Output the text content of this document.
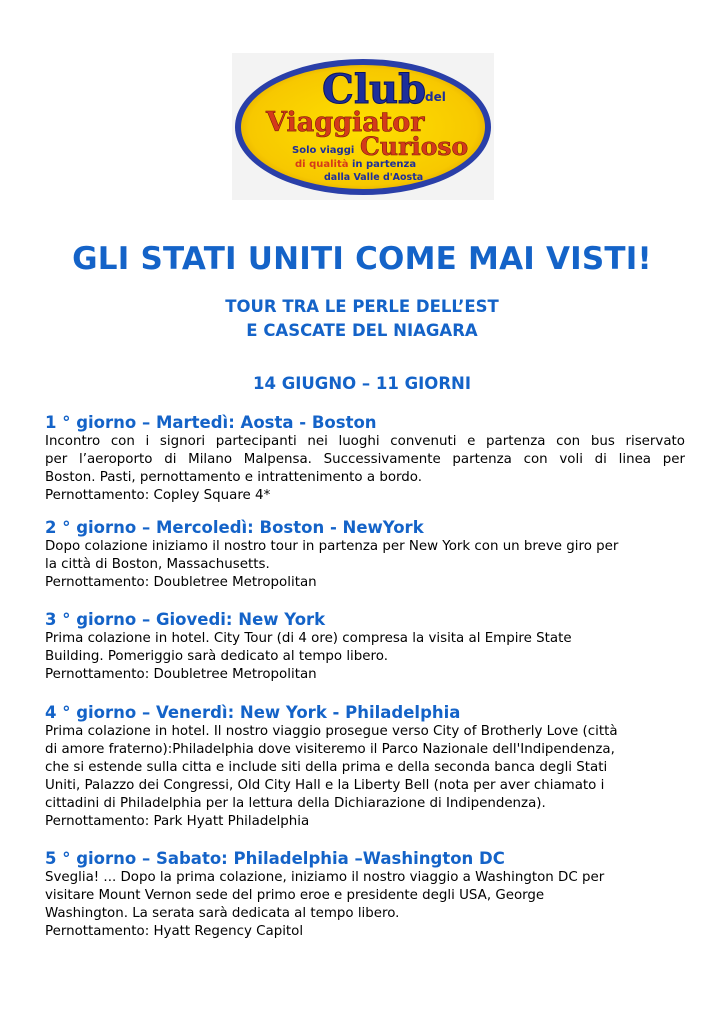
Club
del
Viaggiator
Curioso
Solo viaggi
di qualità in partenza
dalla Valle d'Aosta
GLI STATI UNITI COME MAI VISTI!
TOUR TRA LE PERLE DELL’EST
E CASCATE DEL NIAGARA
14 GIUGNO – 11 GIORNI
1 ° giorno – Martedì: Aosta - Boston

Incontro con i signori partecipanti nei luoghi convenuti e partenza con bus riservato

per l’aeroporto di Milano Malpensa. Successivamente partenza con voli di linea per

Boston. Pasti, pernottamento e intrattenimento a bordo.

Pernottamento: Copley Square 4*

2 ° giorno – Mercoledì: Boston - NewYork

Dopo colazione iniziamo il nostro tour in partenza per New York con un breve giro per

la città di Boston, Massachusetts.

Pernottamento: Doubletree Metropolitan

3 ° giorno – Giovedi: New York

Prima colazione in hotel. City Tour (di 4 ore) compresa la visita al Empire State

Building. Pomeriggio sarà dedicato al tempo libero.

Pernottamento: Doubletree Metropolitan

4 ° giorno – Venerdì: New York - Philadelphia

Prima colazione in hotel. Il nostro viaggio prosegue verso City of Brotherly Love (città

di amore fraterno):Philadelphia dove visiteremo il Parco Nazionale dell'Indipendenza,

che si estende sulla citta e include siti della prima e della seconda banca degli Stati

Uniti, Palazzo dei Congressi, Old City Hall e la Liberty Bell (nota per aver chiamato i

cittadini di Philadelphia per la lettura della Dichiarazione di Indipendenza).

Pernottamento: Park Hyatt Philadelphia

5 ° giorno – Sabato: Philadelphia –Washington DC

Sveglia! ... Dopo la prima colazione, iniziamo il nostro viaggio a Washington DC per

visitare Mount Vernon sede del primo eroe e presidente degli USA, George

Washington. La serata sarà dedicata al tempo libero.

Pernottamento: Hyatt Regency Capitol
